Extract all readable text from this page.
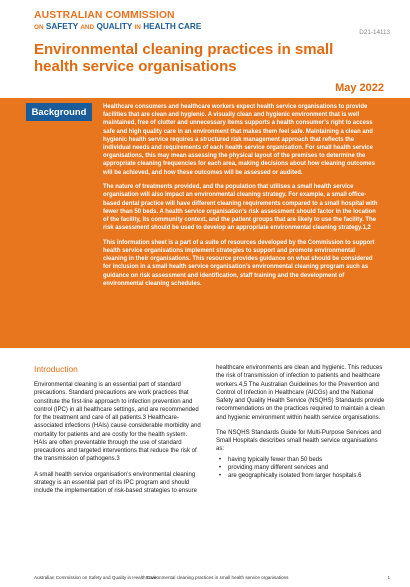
AUSTRALIAN COMMISSION
ON SAFETY AND QUALITY IN HEALTH CARE
D21-14113
Environmental cleaning practices in small health service organisations
May 2022
Background	Healthcare consumers and healthcare workers expect health service organisations to provide facilities that are clean and hygienic. A visually clean and hygienic environment that is well maintained, free of clutter and unnecessary items supports a health consumer’s right to access safe and high quality care in an environment that makes them feel safe. Maintaining a clean and hygienic health service requires a structured risk management approach that reflects the individual needs and requirements of each health service organisation. For small health service organisations, this may mean assessing the physical layout of the premises to determine the appropriate cleaning frequencies for each area, making decisions about how cleaning outcomes will be achieved, and how these outcomes will be assessed or audited.

The nature of treatments provided, and the population that utilises a small health service organisation will also impact an environmental cleaning strategy. For example, a small office-based dental practice will have different cleaning requirements compared to a small hospital with fewer than 50 beds. A health service organisation’s risk assessment should factor in the location of the facility, its community context, and the patient groups that are likely to use the facility. The risk assessment should be used to develop an appropriate environmental cleaning strategy.1,2

This information sheet is a part of a suite of resources developed by the Commission to support health service organisations implement strategies to support and promote environmental cleaning in their organisations. This resource provides guidance on what should be considered for inclusion in a small health service organisation’s environmental cleaning program such as guidance on risk assessment and identification, staff training and the development of environmental cleaning schedules.

Introduction

Environmental cleaning is an essential part of standard precautions. Standard precautions are work practices that constitute the first-line approach to infection prevention and control (IPC) in all healthcare settings, and are recommended for the treatment and care of all patients.3 Healthcare-associated infections (HAIs) cause considerable morbidity and mortality for patients and are costly for the health system. HAIs are often preventable through the use of standard precautions and targeted interventions that reduce the risk of the transmission of pathogens.3

A small health service organisation’s environmental cleaning strategy is an essential part of its IPC program and should include the implementation of risk-based strategies to ensure

healthcare environments are clean and hygienic. This reduces the risk of transmission of infection to patients and healthcare workers.4,5 The Australian Guidelines for the Prevention and Control of Infection in Healthcare (AICGs) and the National Safety and Quality Health Service (NSQHS) Standards provide recommendations on the practices required to maintain a clean and hygienic environment within health service organisations.

The NSQHS Standards Guide for Multi-Purpose Services and Small Hospitals describes small health service organisations as:

• having typically fewer than 50 beds
• providing many different services and
• are geographically isolated from larger hospitals.6
Australian Commission on Safety and Quality in Health Care
Environmental cleaning practices in small health service organisations	1
